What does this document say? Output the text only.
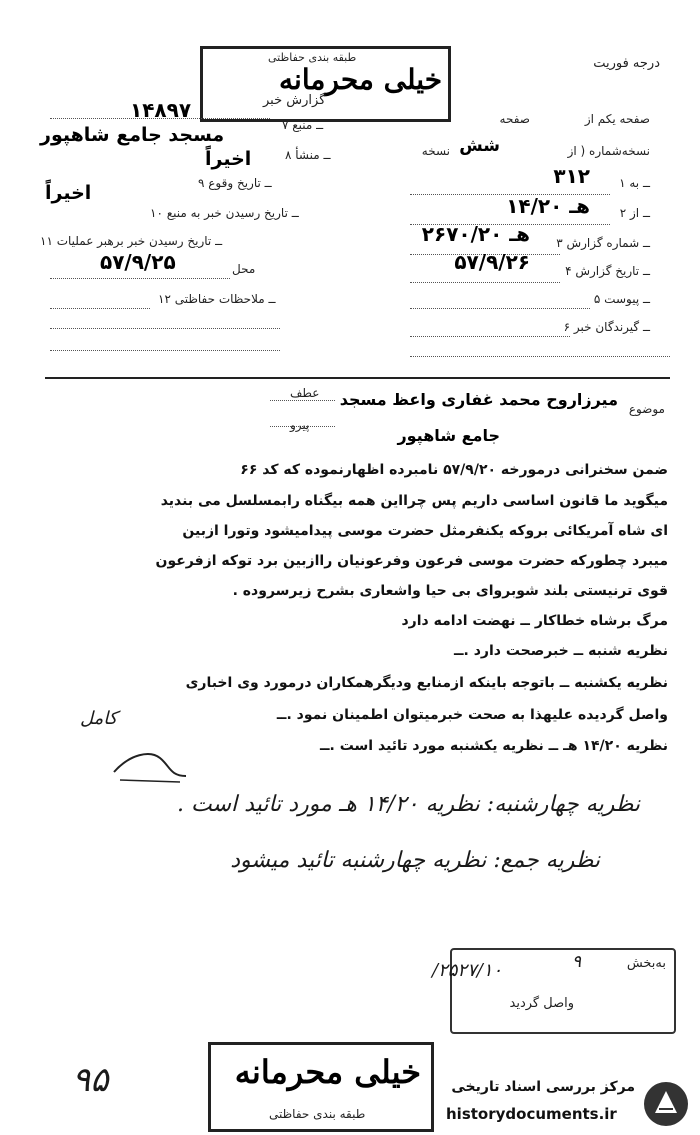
درجه فوریت
طبقه بندی حفاظتی
خیلی محرمانه
گزارش خبر
صفحه یکم از
صفحه
نسخه‌شماره ( از
شش
نسخه
۱ ــ به
۳۱۲
۲ ــ از
۱۴/۲۰ هـ
۳ ــ شماره گزارش
۲۶۷۰/۲۰ هـ
۴ ــ تاریخ گزارش
۵۷/۹/۲۶
۵ ــ پیوست
۶ ــ گیرندگان خبر
۷ ــ منبع
۱۴۸۹۷
۸ ــ منشأ
مسجد جامع شاهپور
۹ ــ تاریخ وقوع
اخیراً
۱۰ ــ تاریخ رسیدن خبر به منبع
اخیراً
۱۱ ــ تاریخ رسیدن خبر برهبر عملیات
محل
۵۷/۹/۲۵
۱۲ ــ ملاحظات حفاظتی
موضوع
میرزاروح محمد غفاری واعظ مسجد
جامع شاهپور
عطف
پیرو
ضمن سخنرانی درمورخه ۵۷/۹/۲۰ نامبرده اظهارنموده که کد ۶۶
میگوید ما قانون اساسی داریم پس چرااین همه بیگناه رابمسلسل می بندید
ای شاه آمریکائی بروکه یکنفرمثل حضرت موسی پیدامیشود وتورا ازبین
میبرد چطورکه حضرت موسی فرعون وفرعونیان راازبین برد توکه ازفرعون
قوی ترنیستی بلند شوبروای بی حیا واشعاری بشرح زیرسروده .
مرگ برشاه خطاکار ــ نهضت ادامه دارد
نظریه شنبه ــ خبرصحت دارد .ــ
نظریه یکشنبه ــ باتوجه باینکه ازمنابع ودیگرهمکاران درمورد وی اخباری
واصل گردیده علیهذا به صحت خبرمیتوان اطمینان نمود .ــ
نظریه ۱۴/۲۰ هـ ــ نظریه یکشنبه مورد تائید است .ــ
کامل
نظریه چهارشنبه: نظریه ۱۴/۲۰ هـ مورد تائید است .
نظریه جمع: نظریه چهارشنبه تائید میشود
به‌بخش
۹
واصل گردید
۲۵۲۷/۱۰/
۹۵	خیلی محرمانه
طبقه بندی حفاظتی
مرکز بررسی اسناد تاریخی
historydocuments.ir
